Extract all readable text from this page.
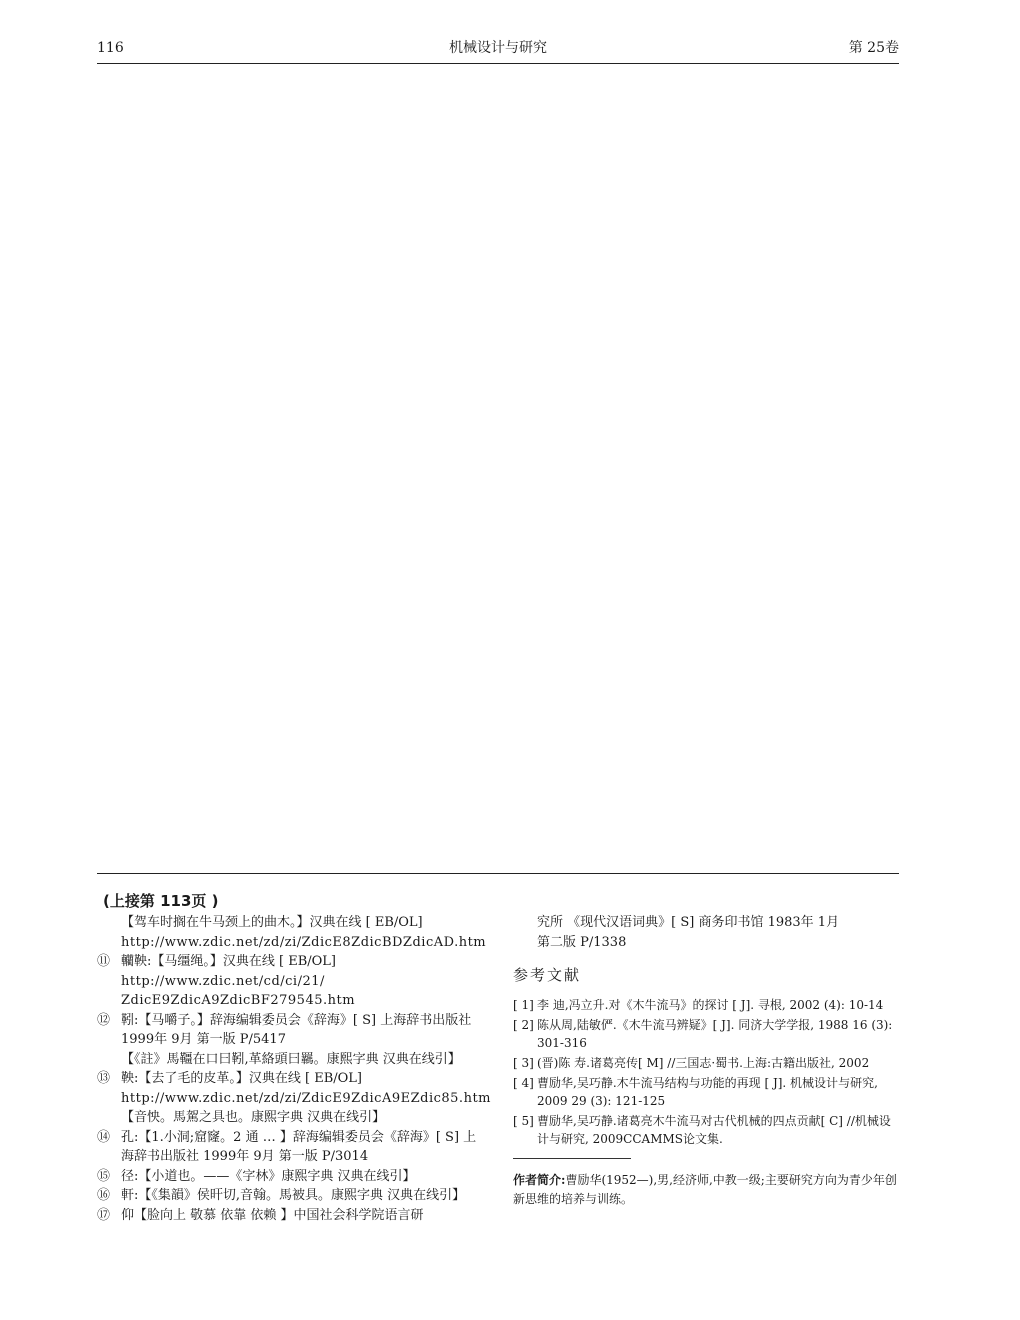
116	机械设计与研究	第 25卷
(上接第 113页 )

【驾车时搁在牛马颈上的曲木。】汉典在线 [ EB/OL]

http://www.zdic.net/zd/zi/ZdicE8ZdicBDZdicAD.htm

⑪ 轥鞅:【马缰绳。】汉典在线 [ EB/OL]

http://www.zdic.net/cd/ci/21/

ZdicE9ZdicA9ZdicBF279545.htm

⑫ 靷:【马嚼子。】辞海编辑委员会《辞海》[ S] 上海辞书出版社 1999年 9月 第一版 P/5417

【《註》馬韁在口曰靷,革絡頭曰羈。康熙字典 汉典在线引】

⑬ 鞅:【去了毛的皮革。】汉典在线 [ EB/OL]

http://www.zdic.net/zd/zi/ZdicE9ZdicA9EZdic85.htm

【音怏。馬駕之具也。康熙字典 汉典在线引】

⑭ 孔:【1.小洞;窟窿。2 通 … 】辞海编辑委员会《辞海》[ S] 上海辞书出版社 1999年 9月 第一版 P/3014

⑮ 径:【小道也。——《字林》康熙字典 汉典在线引】

⑯ 軒:【《集韻》侯旰切,音翰。馬被具。康熙字典 汉典在线引】

⑰ 仰【脸向上 敬慕 依靠 依赖 】中国社会科学院语言研

究所 《现代汉语词典》[ S] 商务印书馆 1983年 1月

第二版 P/1338

参考文献
[ 1] 李 迪,冯立升.对《木牛流马》的探讨 [ J]. 寻根, 2002 (4): 10-14
[ 2] 陈从周,陆敏俨.《木牛流马辨疑》[ J]. 同济大学学报, 1988 16 (3): 301-316
[ 3] (晋)陈 寿.诸葛亮传[ M] //三国志·蜀书.上海:古籍出版社, 2002
[ 4] 曹励华,吴巧静.木牛流马结构与功能的再现 [ J]. 机械设计与研究, 2009 29 (3): 121-125
[ 5] 曹励华,吴巧静.诸葛亮木牛流马对古代机械的四点贡献[ C] //机械设计与研究, 2009CCAMMS论文集.
作者简介:曹励华(1952—),男,经济师,中教一级;主要研究方向为青少年创新思维的培养与训练。
